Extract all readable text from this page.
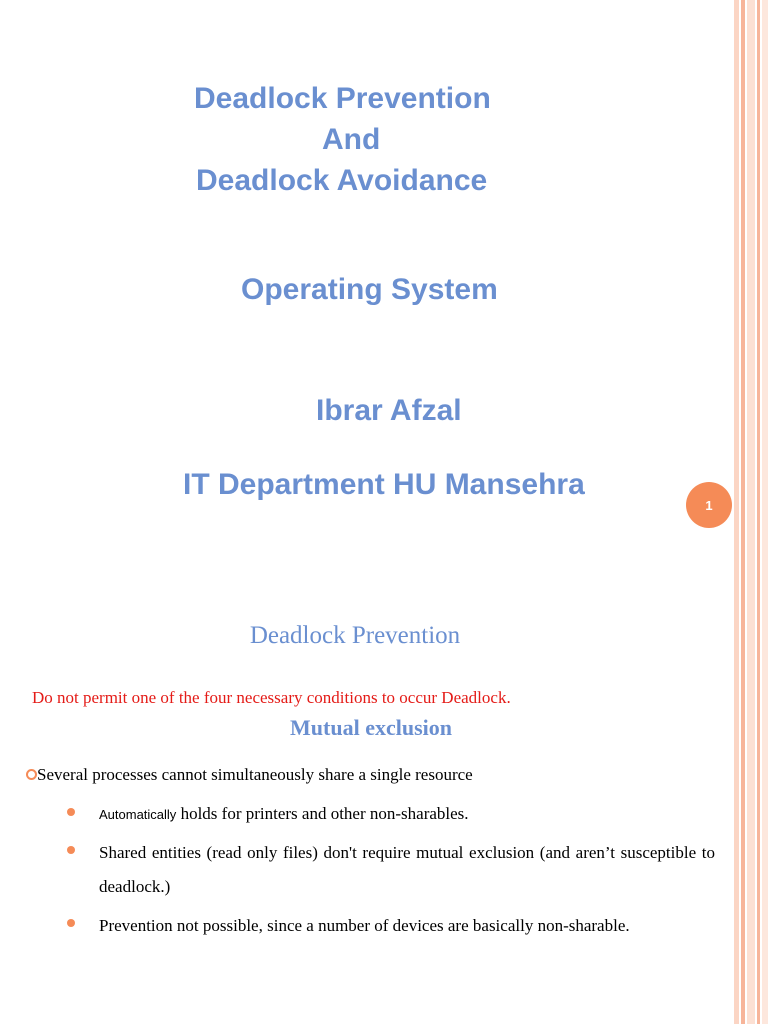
Deadlock Prevention
And
Deadlock Avoidance
Operating System
Ibrar Afzal
IT Department HU Mansehra
1
Deadlock Prevention
Do not permit one of the four necessary conditions to occur Deadlock.
Mutual exclusion
Several processes cannot simultaneously share a single resource
Automatically holds for printers and other non-sharables.
Shared entities (read only files) don't require mutual exclusion (and aren’t susceptible to deadlock.)
Prevention not possible, since a number of devices are basically non-sharable.
